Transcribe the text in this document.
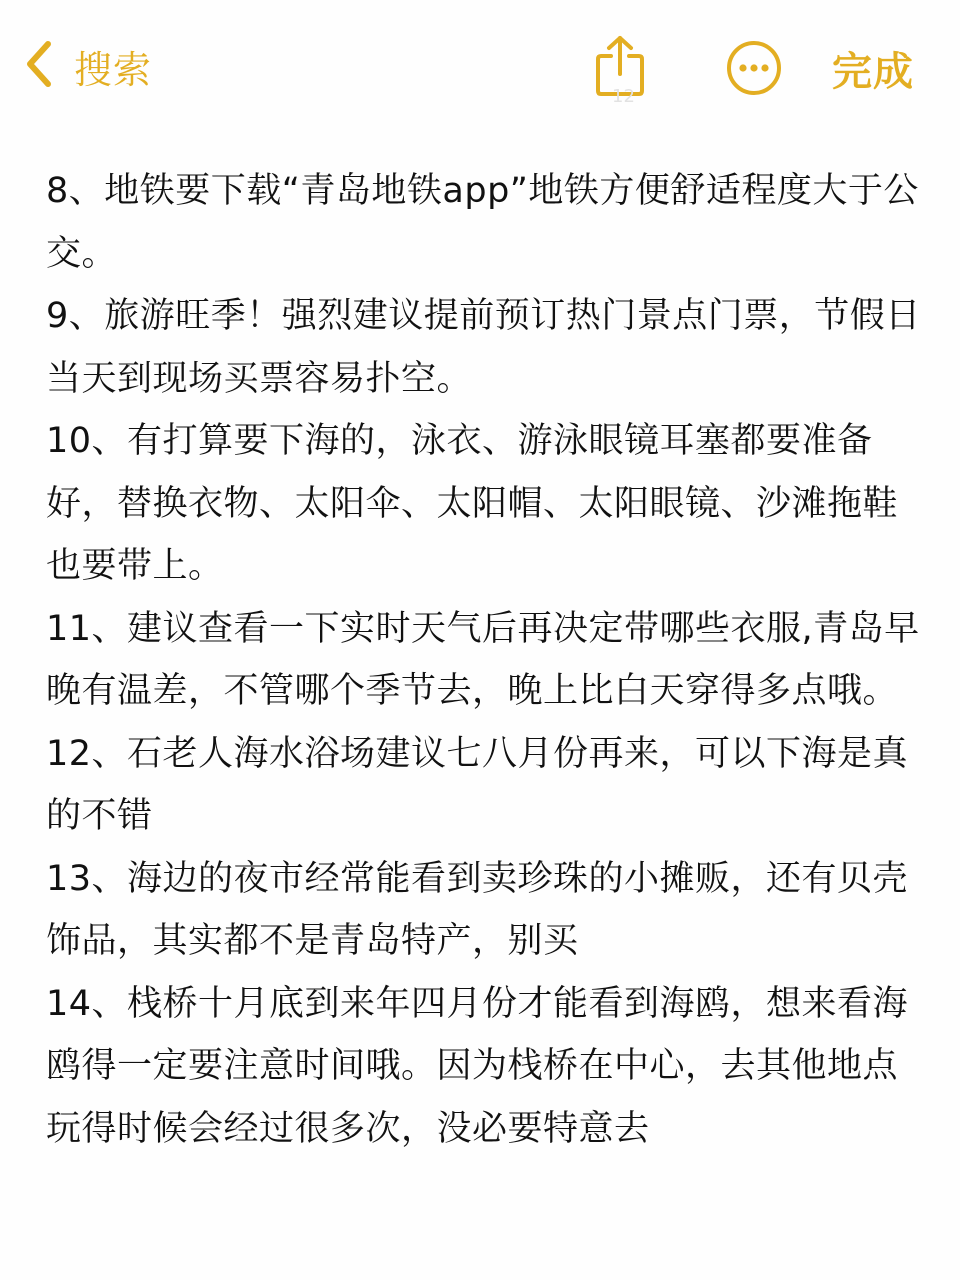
搜索	完成
12

8、地铁要下载“青岛地铁app”地铁方便舒适程度大于公交。

9、旅游旺季！强烈建议提前预订热门景点门票，节假日当天到现场买票容易扑空。

10、有打算要下海的，泳衣、游泳眼镜耳塞都要准备好，替换衣物、太阳伞、太阳帽、太阳眼镜、沙滩拖鞋也要带上。

11、建议查看一下实时天气后再决定带哪些衣服,青岛早晚有温差，不管哪个季节去，晚上比白天穿得多点哦。

12、石老人海水浴场建议七八月份再来，可以下海是真的不错

13、海边的夜市经常能看到卖珍珠的小摊贩，还有贝壳饰品，其实都不是青岛特产，别买

14、栈桥十月底到来年四月份才能看到海鸥，想来看海鸥得一定要注意时间哦。因为栈桥在中心，去其他地点玩得时候会经过很多次，没必要特意去
